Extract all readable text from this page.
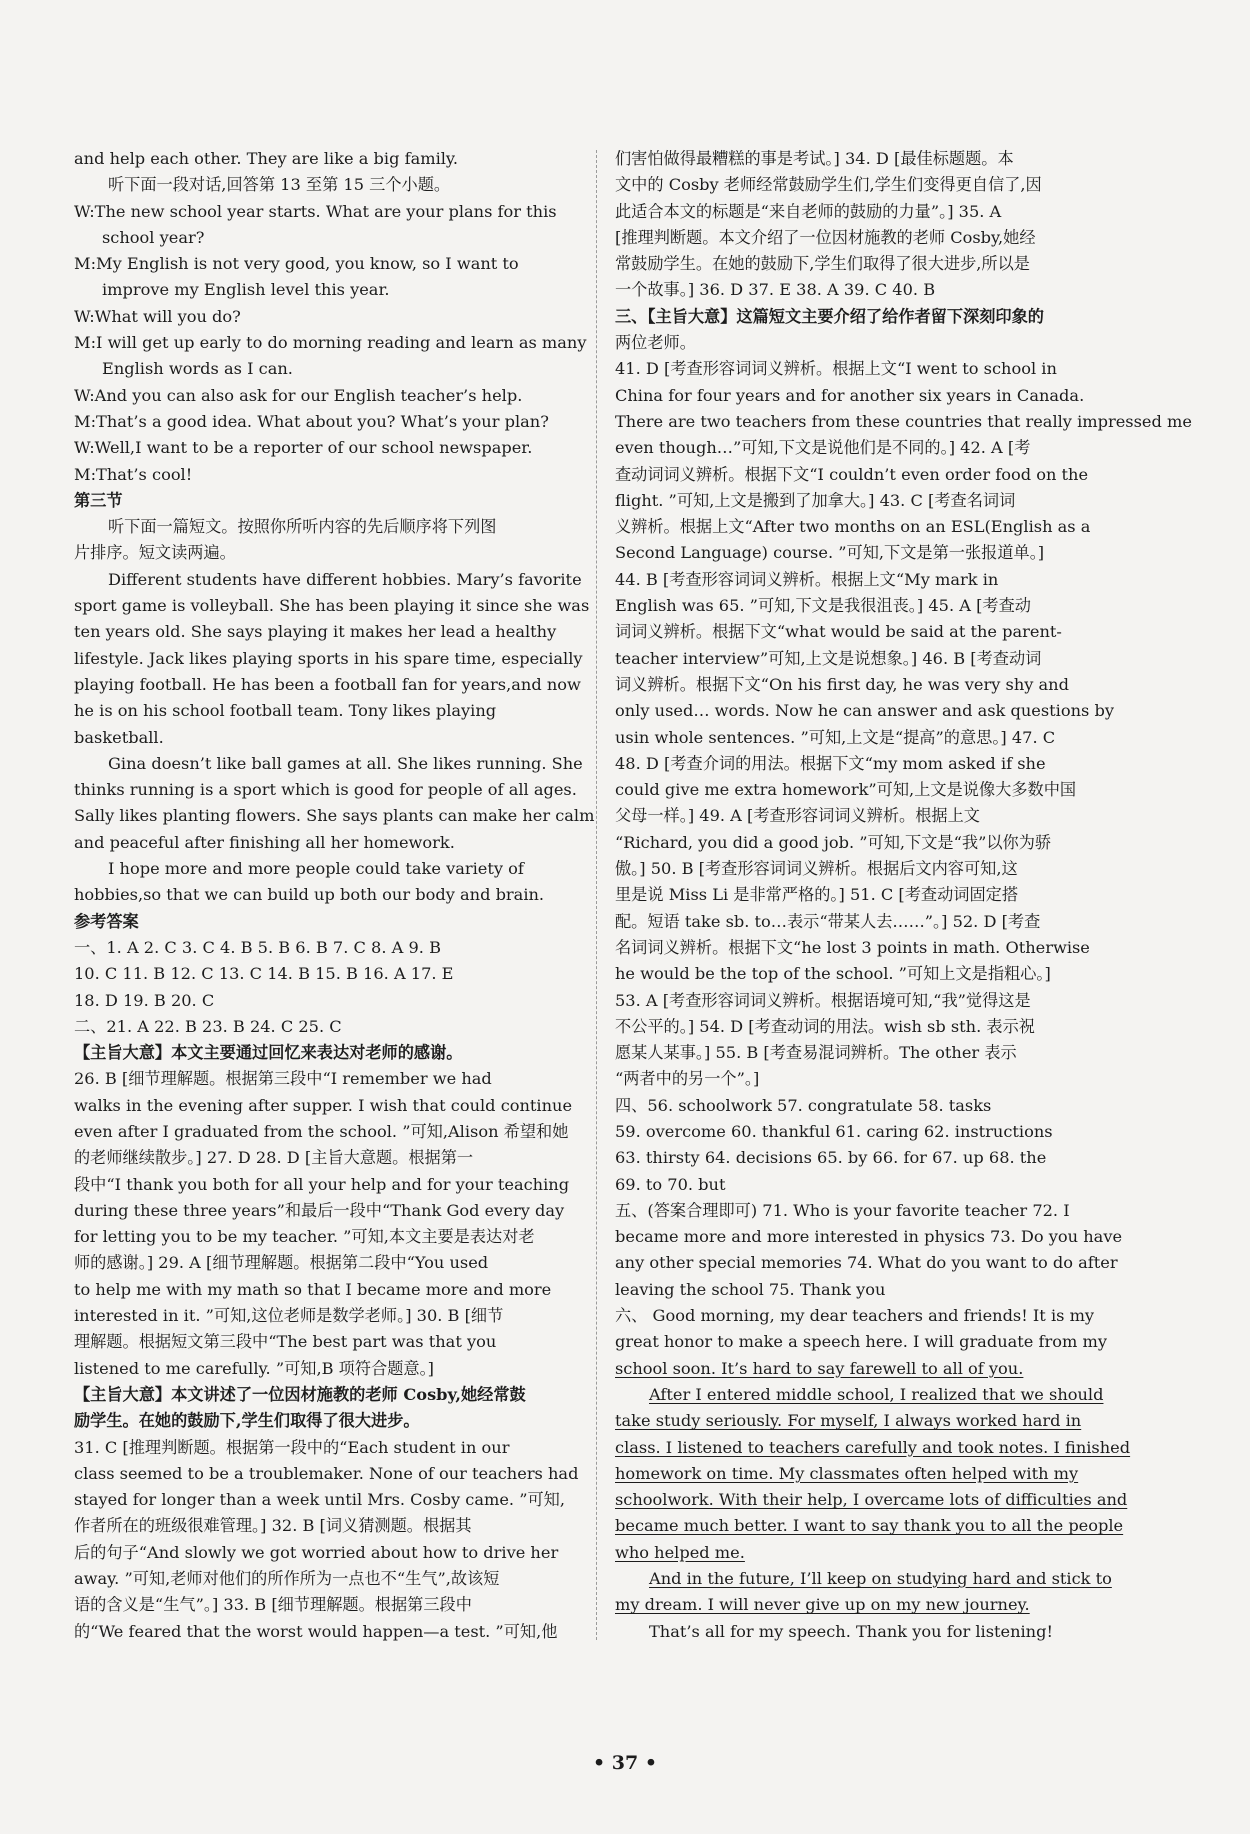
and help each other. They are like a big family.
听下面一段对话,回答第 13 至第 15 三个小题。
W:The new school year starts. What are your plans for this
school year?
M:My English is not very good, you know, so I want to
improve my English level this year.
W:What will you do?
M:I will get up early to do morning reading and learn as many
English words as I can.
W:And you can also ask for our English teacher’s help.
M:That’s a good idea. What about you? What’s your plan?
W:Well,I want to be a reporter of our school newspaper.
M:That’s cool!
第三节
听下面一篇短文。按照你所听内容的先后顺序将下列图
片排序。短文读两遍。
Different students have different hobbies. Mary’s favorite
sport game is volleyball. She has been playing it since she was
ten years old. She says playing it makes her lead a healthy
lifestyle. Jack likes playing sports in his spare time, especially
playing football. He has been a football fan for years,and now
he is on his school football team. Tony likes playing
basketball.
Gina doesn’t like ball games at all. She likes running. She
thinks running is a sport which is good for people of all ages.
Sally likes planting flowers. She says plants can make her calm
and peaceful after finishing all her homework.
I hope more and more people could take variety of
hobbies,so that we can build up both our body and brain.
参考答案
一、1. A 2. C 3. C 4. B 5. B 6. B 7. C 8. A 9. B
10. C 11. B 12. C 13. C 14. B 15. B 16. A 17. E
18. D 19. B 20. C
二、21. A 22. B 23. B 24. C 25. C
【主旨大意】本文主要通过回忆来表达对老师的感谢。
26. B [细节理解题。根据第三段中“I remember we had
walks in the evening after supper. I wish that could continue
even after I graduated from the school. ”可知,Alison 希望和她
的老师继续散步。] 27. D 28. D [主旨大意题。根据第一
段中“I thank you both for all your help and for your teaching
during these three years”和最后一段中“Thank God every day
for letting you to be my teacher. ”可知,本文主要是表达对老
师的感谢。] 29. A [细节理解题。根据第二段中“You used
to help me with my math so that I became more and more
interested in it. ”可知,这位老师是数学老师。] 30. B [细节
理解题。根据短文第三段中“The best part was that you
listened to me carefully. ”可知,B 项符合题意。]
【主旨大意】本文讲述了一位因材施教的老师 Cosby,她经常鼓
励学生。在她的鼓励下,学生们取得了很大进步。
31. C [推理判断题。根据第一段中的“Each student in our
class seemed to be a troublemaker. None of our teachers had
stayed for longer than a week until Mrs. Cosby came. ”可知,
作者所在的班级很难管理。] 32. B [词义猜测题。根据其
后的句子“And slowly we got worried about how to drive her
away. ”可知,老师对他们的所作所为一点也不“生气”,故该短
语的含义是“生气”。] 33. B [细节理解题。根据第三段中
的“We feared that the worst would happen—a test. ”可知,他
们害怕做得最糟糕的事是考试。] 34. D [最佳标题题。本
文中的 Cosby 老师经常鼓励学生们,学生们变得更自信了,因
此适合本文的标题是“来自老师的鼓励的力量”。] 35. A
[推理判断题。本文介绍了一位因材施教的老师 Cosby,她经
常鼓励学生。在她的鼓励下,学生们取得了很大进步,所以是
一个故事。] 36. D 37. E 38. A 39. C 40. B
三、【主旨大意】这篇短文主要介绍了给作者留下深刻印象的
两位老师。
41. D [考查形容词词义辨析。根据上文“I went to school in
China for four years and for another six years in Canada.
There are two teachers from these countries that really impressed me
even though…”可知,下文是说他们是不同的。] 42. A [考
查动词词义辨析。根据下文“I couldn’t even order food on the
flight. ”可知,上文是搬到了加拿大。] 43. C [考查名词词
义辨析。根据上文“After two months on an ESL(English as a
Second Language) course. ”可知,下文是第一张报道单。]
44. B [考查形容词词义辨析。根据上文“My mark in
English was 65. ”可知,下文是我很沮丧。] 45. A [考查动
词词义辨析。根据下文“what would be said at the parent-
teacher interview”可知,上文是说想象。] 46. B [考查动词
词义辨析。根据下文“On his first day, he was very shy and
only used… words. Now he can answer and ask questions by
usin whole sentences. ”可知,上文是“提高”的意思。] 47. C
48. D [考查介词的用法。根据下文“my mom asked if she
could give me extra homework”可知,上文是说像大多数中国
父母一样。] 49. A [考查形容词词义辨析。根据上文
“Richard, you did a good job. ”可知,下文是“我”以你为骄
傲。] 50. B [考查形容词词义辨析。根据后文内容可知,这
里是说 Miss Li 是非常严格的。] 51. C [考查动词固定搭
配。短语 take sb. to…表示“带某人去……”。] 52. D [考查
名词词义辨析。根据下文“he lost 3 points in math. Otherwise
he would be the top of the school. ”可知上文是指粗心。]
53. A [考查形容词词义辨析。根据语境可知,“我”觉得这是
不公平的。] 54. D [考查动词的用法。wish sb sth. 表示祝
愿某人某事。] 55. B [考查易混词辨析。The other 表示
“两者中的另一个”。]
四、56. schoolwork 57. congratulate 58. tasks
59. overcome 60. thankful 61. caring 62. instructions
63. thirsty 64. decisions 65. by 66. for 67. up 68. the
69. to 70. but
五、(答案合理即可) 71. Who is your favorite teacher 72. I
became more and more interested in physics 73. Do you have
any other special memories 74. What do you want to do after
leaving the school 75. Thank you
六、 Good morning, my dear teachers and friends! It is my
great honor to make a speech here. I will graduate from my
school soon. It’s hard to say farewell to all of you.
After I entered middle school, I realized that we should
take study seriously. For myself, I always worked hard in
class. I listened to teachers carefully and took notes. I finished
homework on time. My classmates often helped with my
schoolwork. With their help, I overcame lots of difficulties and
became much better. I want to say thank you to all the people
who helped me.
And in the future, I’ll keep on studying hard and stick to
my dream. I will never give up on my new journey.
That’s all for my speech. Thank you for listening!
• 37 •
